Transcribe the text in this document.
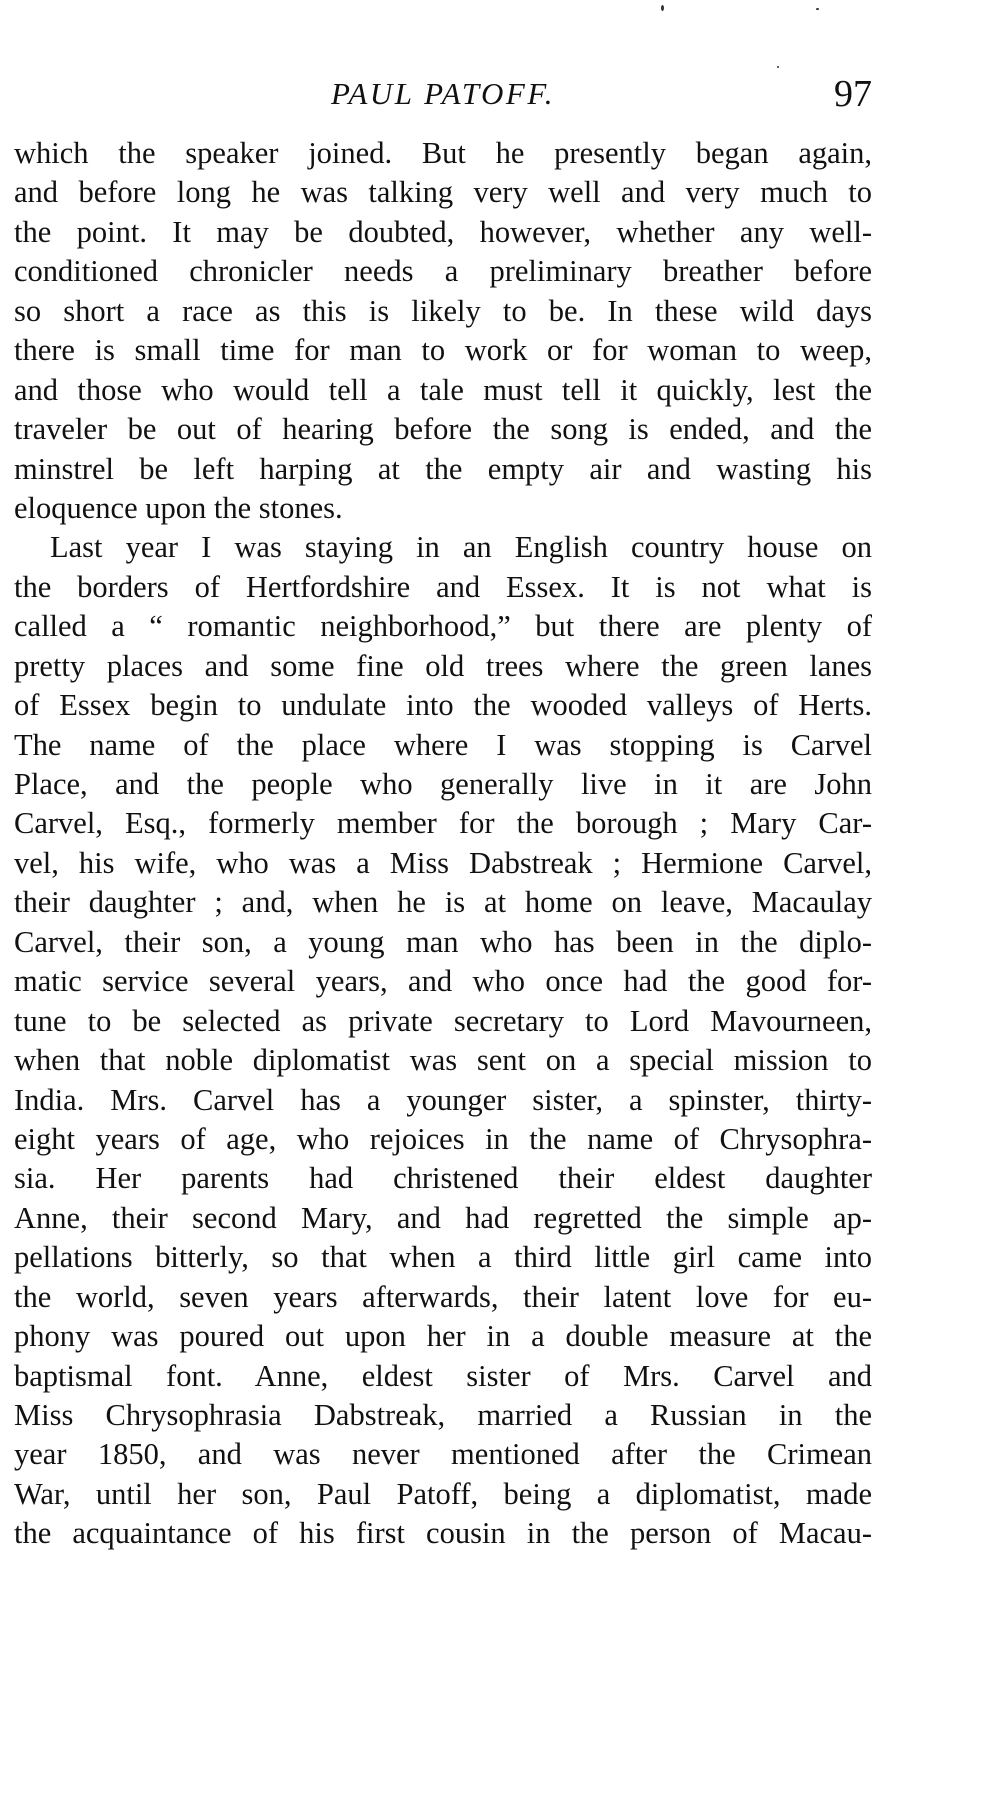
PAUL PATOFF.	97
which the speaker joined. But he presently began again,
and before long he was talking very well and very much to
the point. It may be doubted, however, whether any well-
conditioned chronicler needs a preliminary breather before
so short a race as this is likely to be. In these wild days
there is small time for man to work or for woman to weep,
and those who would tell a tale must tell it quickly, lest the
traveler be out of hearing before the song is ended, and the
minstrel be left harping at the empty air and wasting his
eloquence upon the stones.
Last year I was staying in an English country house on
the borders of Hertfordshire and Essex. It is not what is
called a “ romantic neighborhood,” but there are plenty of
pretty places and some fine old trees where the green lanes
of Essex begin to undulate into the wooded valleys of Herts.
The name of the place where I was stopping is Carvel
Place, and the people who generally live in it are John
Carvel, Esq., formerly member for the borough ; Mary Car-
vel, his wife, who was a Miss Dabstreak ; Hermione Carvel,
their daughter ; and, when he is at home on leave, Macaulay
Carvel, their son, a young man who has been in the diplo-
matic service several years, and who once had the good for-
tune to be selected as private secretary to Lord Mavourneen,
when that noble diplomatist was sent on a special mission to
India. Mrs. Carvel has a younger sister, a spinster, thirty-
eight years of age, who rejoices in the name of Chrysophra-
sia. Her parents had christened their eldest daughter
Anne, their second Mary, and had regretted the simple ap-
pellations bitterly, so that when a third little girl came into
the world, seven years afterwards, their latent love for eu-
phony was poured out upon her in a double measure at the
baptismal font. Anne, eldest sister of Mrs. Carvel and
Miss Chrysophrasia Dabstreak, married a Russian in the
year 1850, and was never mentioned after the Crimean
War, until her son, Paul Patoff, being a diplomatist, made
the acquaintance of his first cousin in the person of Macau-
